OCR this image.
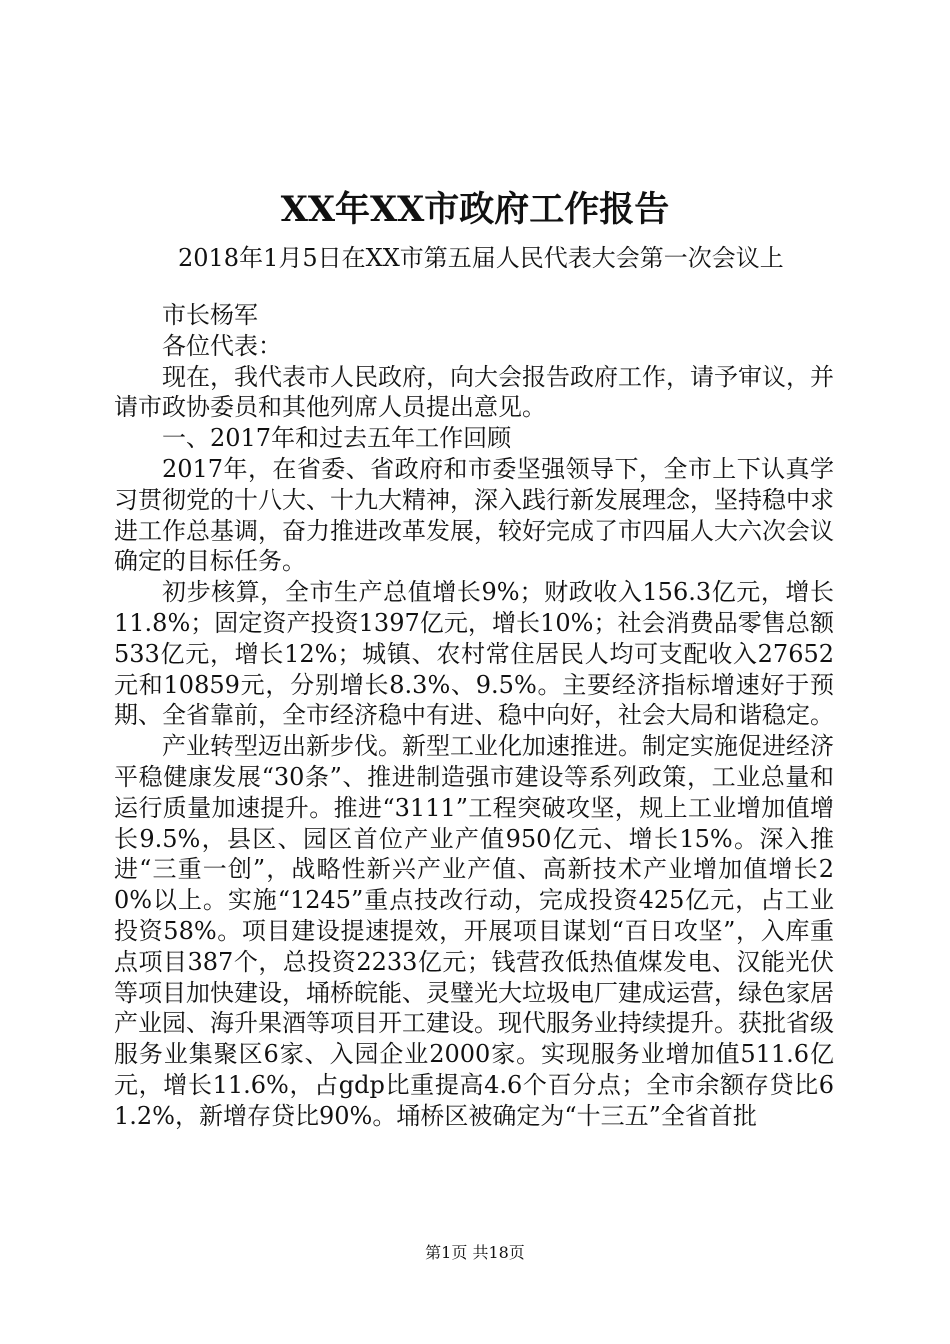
XX年XX市政府工作报告
2018年1月5日在XX市第五届人民代表大会第一次会议上

市长杨军

各位代表：

现在，我代表市人民政府，向大会报告政府工作，请予审议，并请市政协委员和其他列席人员提出意见。

一、2017年和过去五年工作回顾

2017年，在省委、省政府和市委坚强领导下，全市上下认真学习贯彻党的十八大、十九大精神，深入践行新发展理念，坚持稳中求进工作总基调，奋力推进改革发展，较好完成了市四届人大六次会议确定的目标任务。

初步核算，全市生产总值增长9%；财政收入156.3亿元，增长11.8%；固定资产投资1397亿元，增长10%；社会消费品零售总额533亿元，增长12%；城镇、农村常住居民人均可支配收入27652元和10859元，分别增长8.3%、9.5%。主要经济指标增速好于预期、全省靠前，全市经济稳中有进、稳中向好，社会大局和谐稳定。

产业转型迈出新步伐。新型工业化加速推进。制定实施促进经济平稳健康发展“30条”、推进制造强市建设等系列政策，工业总量和运行质量加速提升。推进“3111”工程突破攻坚，规上工业增加值增长9.5%，县区、园区首位产业产值950亿元、增长15%。深入推进“三重一创”，战略性新兴产业产值、高新技术产业增加值增长20%以上。实施“1245”重点技改行动，完成投资425亿元，占工业投资58%。项目建设提速提效，开展项目谋划“百日攻坚”，入库重点项目387个，总投资2233亿元；钱营孜低热值煤发电、汉能光伏等项目加快建设，埇桥皖能、灵璧光大垃圾电厂建成运营，绿色家居产业园、海升果酒等项目开工建设。现代服务业持续提升。获批省级服务业集聚区6家、入园企业2000家。实现服务业增加值511.6亿元，增长11.6%，占gdp比重提高4.6个百分点；全市余额存贷比61.2%，新增存贷比90%。埇桥区被确定为“十三五”全省首批

第1页 共18页
